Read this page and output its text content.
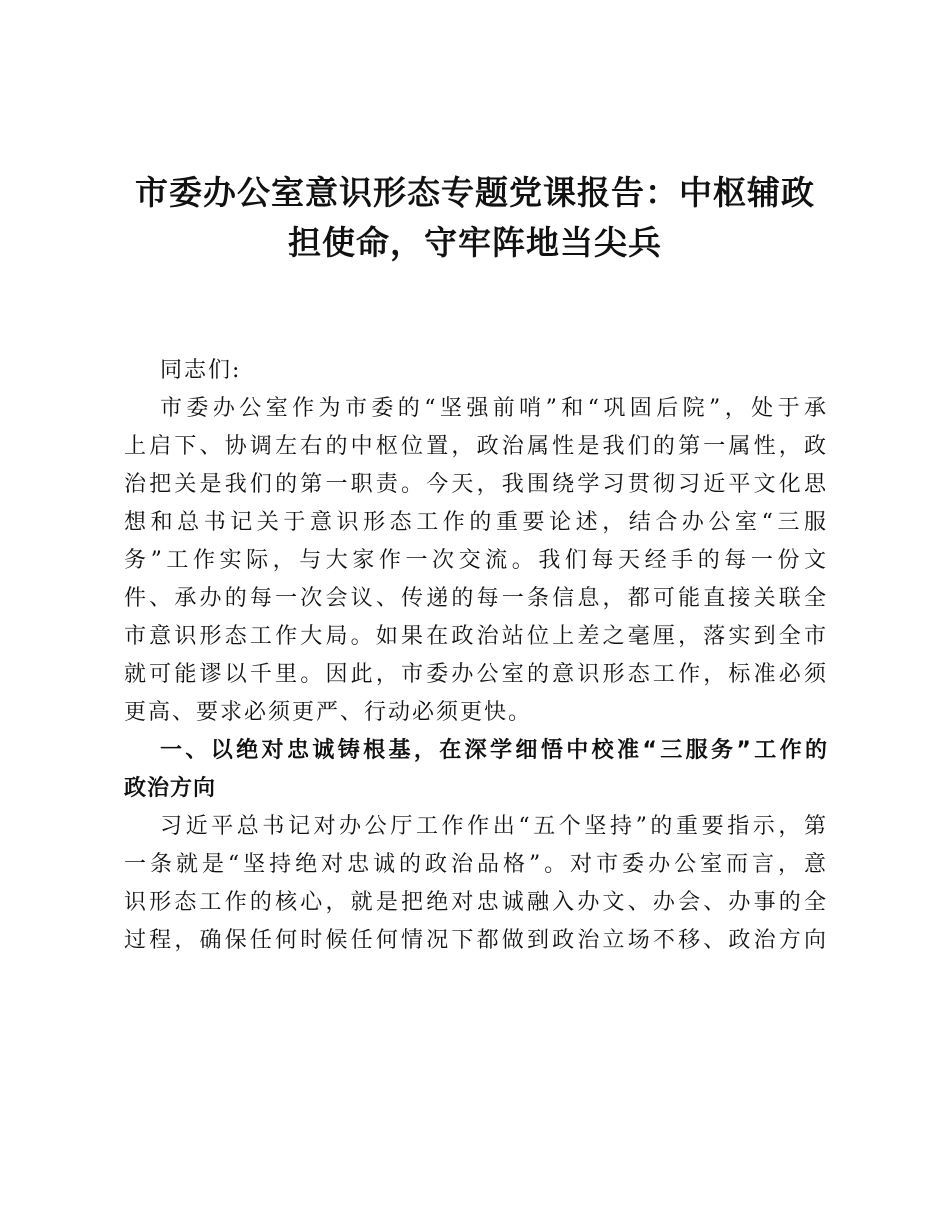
市委办公室意识形态专题党课报告：中枢辅政
担使命，守牢阵地当尖兵
同志们:
市委办公室作为市委的“坚强前哨”和“巩固后院”，处于承
上启下、协调左右的中枢位置，政治属性是我们的第一属性，政
治把关是我们的第一职责。今天，我围绕学习贯彻习近平文化思
想和总书记关于意识形态工作的重要论述，结合办公室“三服
务”工作实际，与大家作一次交流。我们每天经手的每一份文
件、承办的每一次会议、传递的每一条信息，都可能直接关联全
市意识形态工作大局。如果在政治站位上差之毫厘，落实到全市
就可能谬以千里。因此，市委办公室的意识形态工作，标准必须
更高、要求必须更严、行动必须更快。
一、以绝对忠诚铸根基，在深学细悟中校准“三服务”工作的
政治方向
习近平总书记对办公厅工作作出“五个坚持”的重要指示，第
一条就是“坚持绝对忠诚的政治品格”。对市委办公室而言，意
识形态工作的核心，就是把绝对忠诚融入办文、办会、办事的全
过程，确保任何时候任何情况下都做到政治立场不移、政治方向
